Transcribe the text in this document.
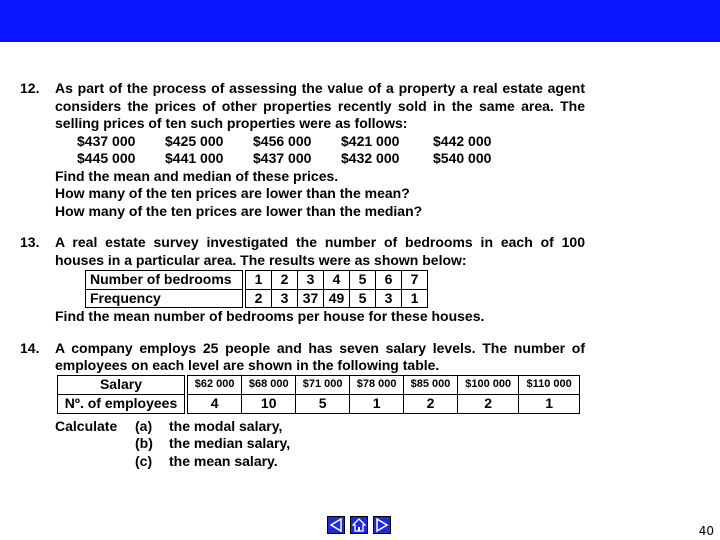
12. As part of the process of assessing the value of a property a real estate agent considers the prices of other properties recently sold in the same area. The selling prices of ten such properties were as follows:
$437 000	$425 000	$456 000	$421 000	$442 000
$445 000	$441 000	$437 000	$432 000	$540 000
Find the mean and median of these prices.
How many of the ten prices are lower than the mean?
How many of the ten prices are lower than the median?
13. A real estate survey investigated the number of bedrooms in each of 100 houses in a particular area. The results were as shown below:
Number of bedrooms	1	2	3	4	5	6	7
Frequency	2	3	37	49	5	3	1
Find the mean number of bedrooms per house for these houses.
14. A company employs 25 people and has seven salary levels. The number of employees on each level are shown in the following table.
Salary	$62 000	$68 000	$71 000	$78 000	$85 000	$100 000	$110 000
Nº. of employees	4	10	5	1	2	2	1
Calculate	(a)	the modal salary,
(b)	the median salary,
(c)	the mean salary.
40
